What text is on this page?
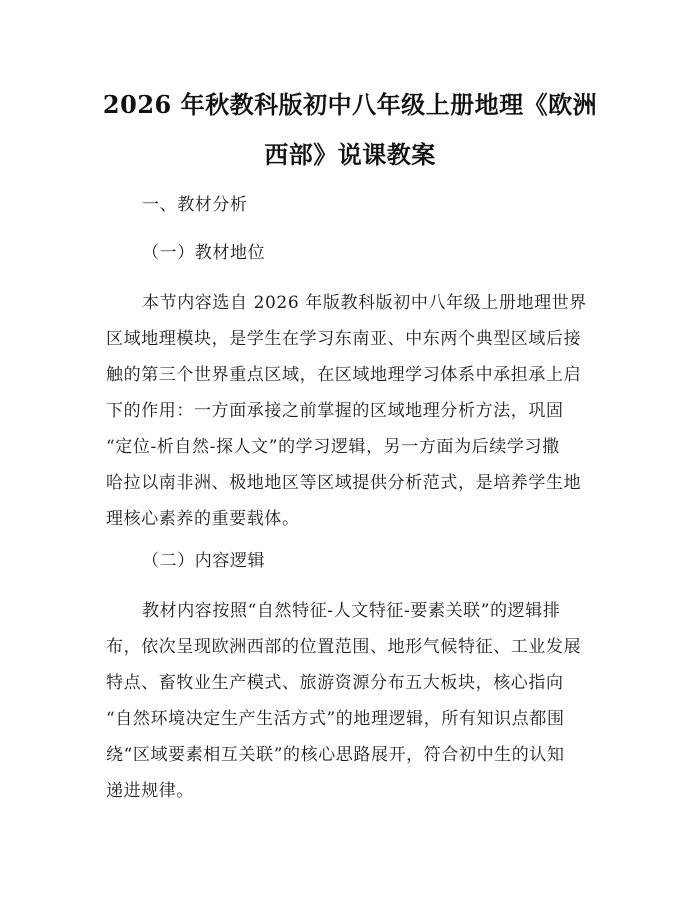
2026 年秋教科版初中八年级上册地理《欧洲
西部》说课教案
一、教材分析
（一）教材地位
本节内容选自 2026 年版教科版初中八年级上册地理世界
区域地理模块，是学生在学习东南亚、中东两个典型区域后接
触的第三个世界重点区域，在区域地理学习体系中承担承上启
下的作用：一方面承接之前掌握的区域地理分析方法，巩固
“定位-析自然-探人文”的学习逻辑，另一方面为后续学习撒
哈拉以南非洲、极地地区等区域提供分析范式，是培养学生地
理核心素养的重要载体。
（二）内容逻辑
教材内容按照“自然特征-人文特征-要素关联”的逻辑排
布，依次呈现欧洲西部的位置范围、地形气候特征、工业发展
特点、畜牧业生产模式、旅游资源分布五大板块，核心指向
“自然环境决定生产生活方式”的地理逻辑，所有知识点都围
绕“区域要素相互关联”的核心思路展开，符合初中生的认知
递进规律。
